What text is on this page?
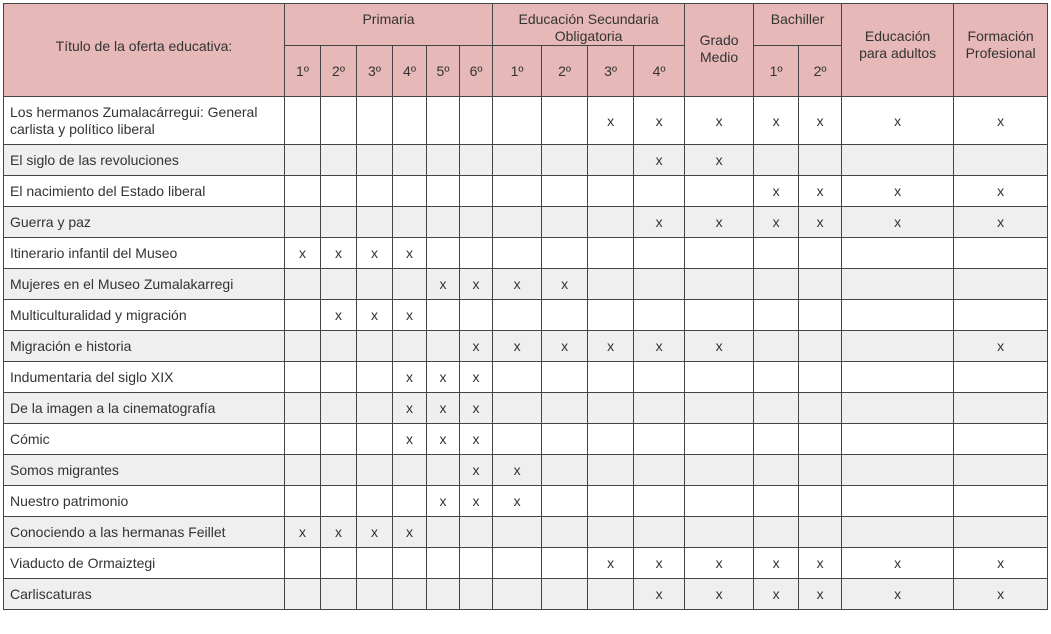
Título de la oferta educativa:	Primaria						Educación Secundaria Obligatoria				Grado Medio	Bachiller		Educación para adultos	Formación Profesional

	1º	2º	3º	4º	5º	6º	1º	2º	3º	4º		1º	2º		
Los hermanos Zumalacárregui: General carlista y político liberal									x	x	x	x	x	x	x
El siglo de las revoluciones										x	x				
El nacimiento del Estado liberal												x	x	x	x
Guerra y paz										x	x	x	x	x	x
Itinerario infantil del Museo	x	x	x	x											
Mujeres en el Museo Zumalakarregi					x	x	x	x							
Multiculturalidad y migración		x	x	x											
Migración e historia						x	x	x	x	x	x				x
Indumentaria del siglo XIX				x	x	x									
De la imagen a la cinematografía				x	x	x									
Cómic				x	x	x									
Somos migrantes						x	x								
Nuestro patrimonio					x	x	x								
Conociendo a las hermanas Feillet	x	x	x	x											
Viaducto de Ormaiztegi									x	x	x	x	x	x	x
Carliscaturas										x	x	x	x	x	x
